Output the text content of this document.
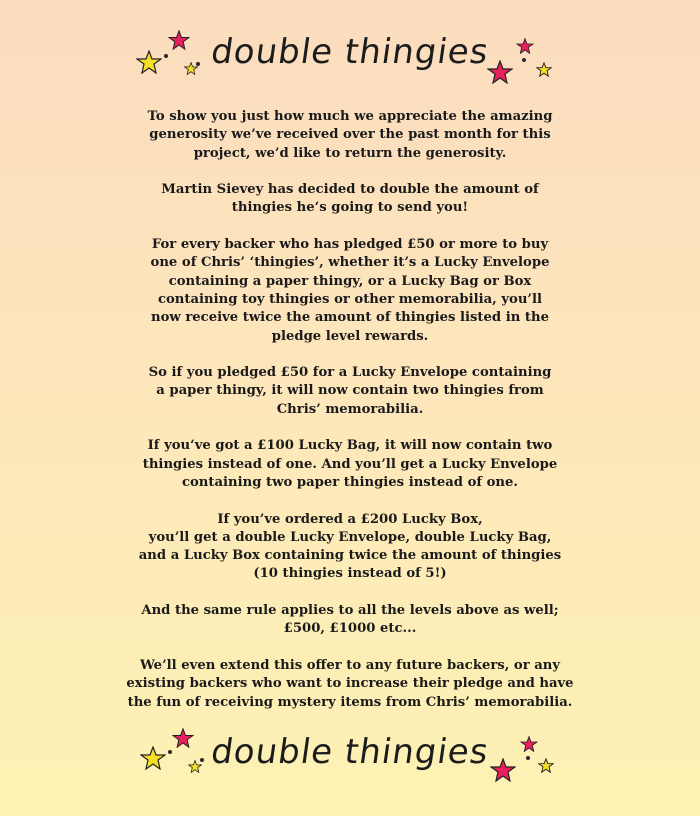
double thingies

To show you just how much we appreciate the amazing
generosity we’ve received over the past month for this
project, we’d like to return the generosity.

Martin Sievey has decided to double the amount of
thingies he‘s going to send you!

For every backer who has pledged £50 or more to buy
one of Chris’ ‘thingies’, whether it’s a Lucky Envelope
containing a paper thingy, or a Lucky Bag or Box
containing toy thingies or other memorabilia, you’ll
now receive twice the amount of thingies listed in the
pledge level rewards.

So if you pledged £50 for a Lucky Envelope containing
a paper thingy, it will now contain two thingies from
Chris’ memorabilia.

If you‘ve got a £100 Lucky Bag, it will now contain two
thingies instead of one. And you’ll get a Lucky Envelope
containing two paper thingies instead of one.

If you’ve ordered a £200 Lucky Box,
you’ll get a double Lucky Envelope, double Lucky Bag,
and a Lucky Box containing twice the amount of thingies
(10 thingies instead of 5!)

And the same rule applies to all the levels above as well;
£500, £1000 etc...

We’ll even extend this offer to any future backers, or any
existing backers who want to increase their pledge and have
the fun of receiving mystery items from Chris’ memorabilia.

double thingies
